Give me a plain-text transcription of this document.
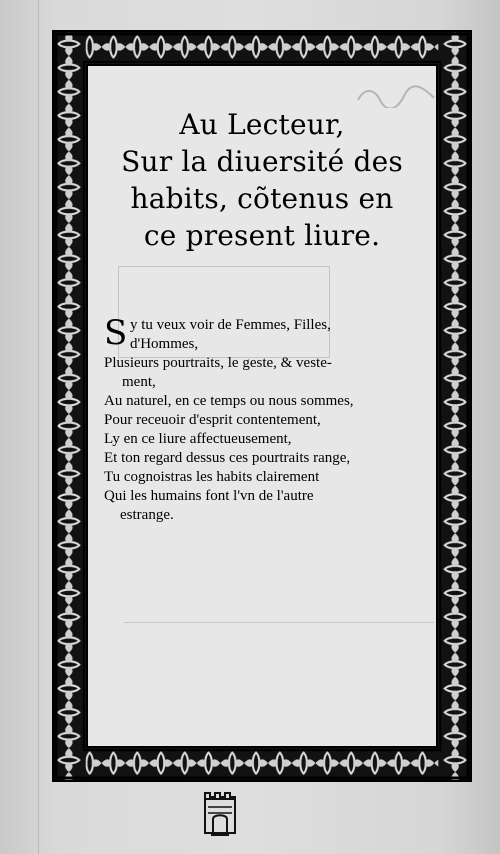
Au Lecteur,
Sur la diuersité des
habits, cõtenus en
ce present liure.
S y tu veux voir de Femmes, Filles,
d'Hommes,
Plusieurs pourtraits, le geste, & veste-
ment,
Au naturel, en ce temps ou nous sommes,
Pour receuoir d'esprit contentement,
Ly en ce liure affectueusement,
Et ton regard dessus ces pourtraits range,
Tu cognoistras les habits clairement
Qui les humains font l'vn de l'autre
estrange.
